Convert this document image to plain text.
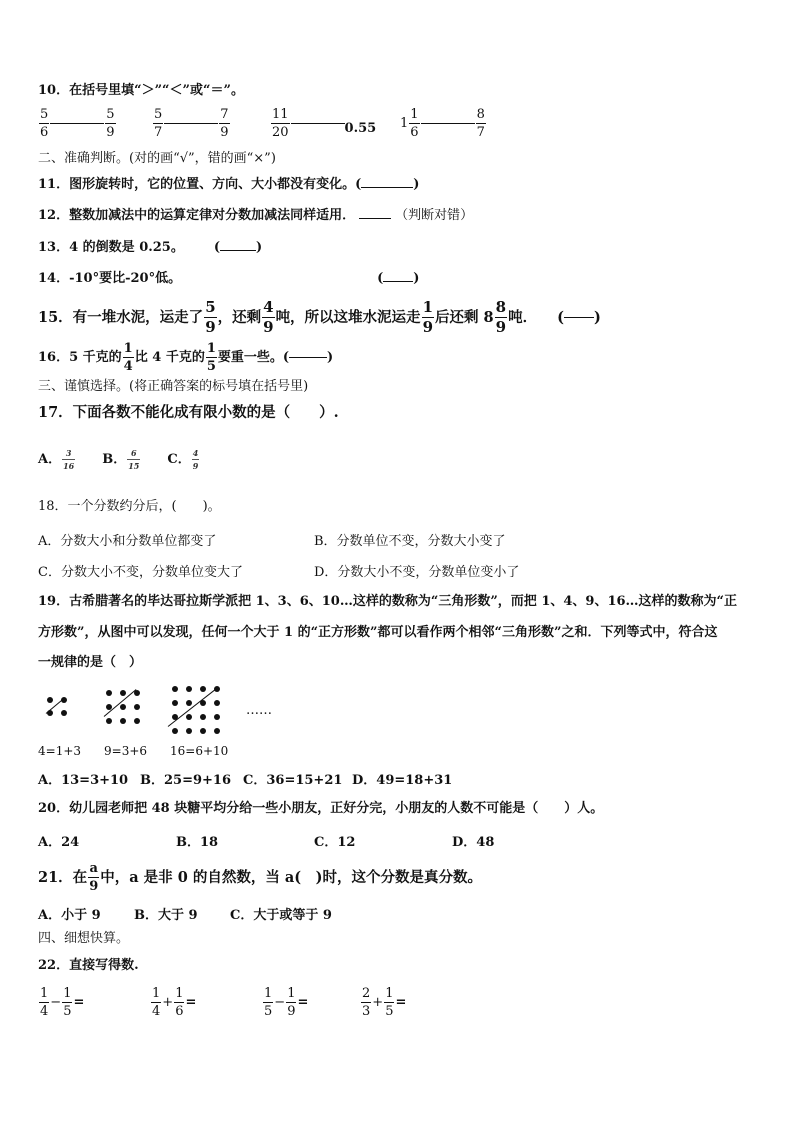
10．在括号里填“＞”“＜”或“＝”。
$\frac{5}{6}$	$\frac{5}{9}$	$\frac{5}{7}$	$\frac{7}{9}$	$\frac{11}{20}$	0.55 $1 \frac{1}{6}$	$\frac{8}{7}$
二、准确判断。(对的画“√”，错的画“×”)
11．图形旋转时，它的位置、方向、大小都没有变化。(	)
12．整数加减法中的运算定律对分数加减法同样适用．	（判断对错）
13．4 的倒数是 0.25。 (	)
14．-10°要比-20°低。	( )
15．有一堆水泥，运走了 $\frac{5}{9}$ ，还剩 $\frac{4}{9}$ 吨，所以这堆水泥运走 $\frac{1}{9}$ 后还剩 $8 \frac{8}{9}$ 吨． ( )
16．5 千克的 $\frac{1}{4}$ 比 4 千克的 $\frac{1}{5}$ 要重一些。(	)
三、谨慎选择。(将正确答案的标号填在括号里)
17．下面各数不能化成有限小数的是（　　）.
A． $\frac{3}{16}$ B． $\frac{6}{15}$ C． $\frac{4}{9}$
18．一个分数约分后，(　　)。
A．分数大小和分数单位都变了	B．分数单位不变，分数大小变了
C．分数大小不变，分数单位变大了	D．分数大小不变，分数单位变小了
19．古希腊著名的毕达哥拉斯学派把 1、3、6、10…这样的数称为“三角形数”，而把 1、4、9、16…这样的数称为“正
方形数”，从图中可以发现，任何一个大于 1 的“正方形数”都可以看作两个相邻“三角形数”之和．下列等式中，符合这
一规律的是（　）
……
4=1+3 9=3+6 16=6+10
A．13=3+10 B．25=9+16 C．36=15+21 D．49=18+31
20．幼儿园老师把 48 块糖平均分给一些小朋友，正好分完，小朋友的人数不可能是（　　）人。
A．24	B．18	C．12	D．48
21．在 $\frac{a}{9}$ 中，a 是非 0 的自然数，当 a(　)时，这个分数是真分数。
A．小于 9	B．大于 9 C．大于或等于 9
四、细想快算。
22．直接写得数.
$\frac{1}{4} - \frac{1}{5}$ =	$\frac{1}{4} + \frac{1}{6}$ =	$\frac{1}{5} - \frac{1}{9}$ =	$\frac{2}{3} + \frac{1}{5}$ =
